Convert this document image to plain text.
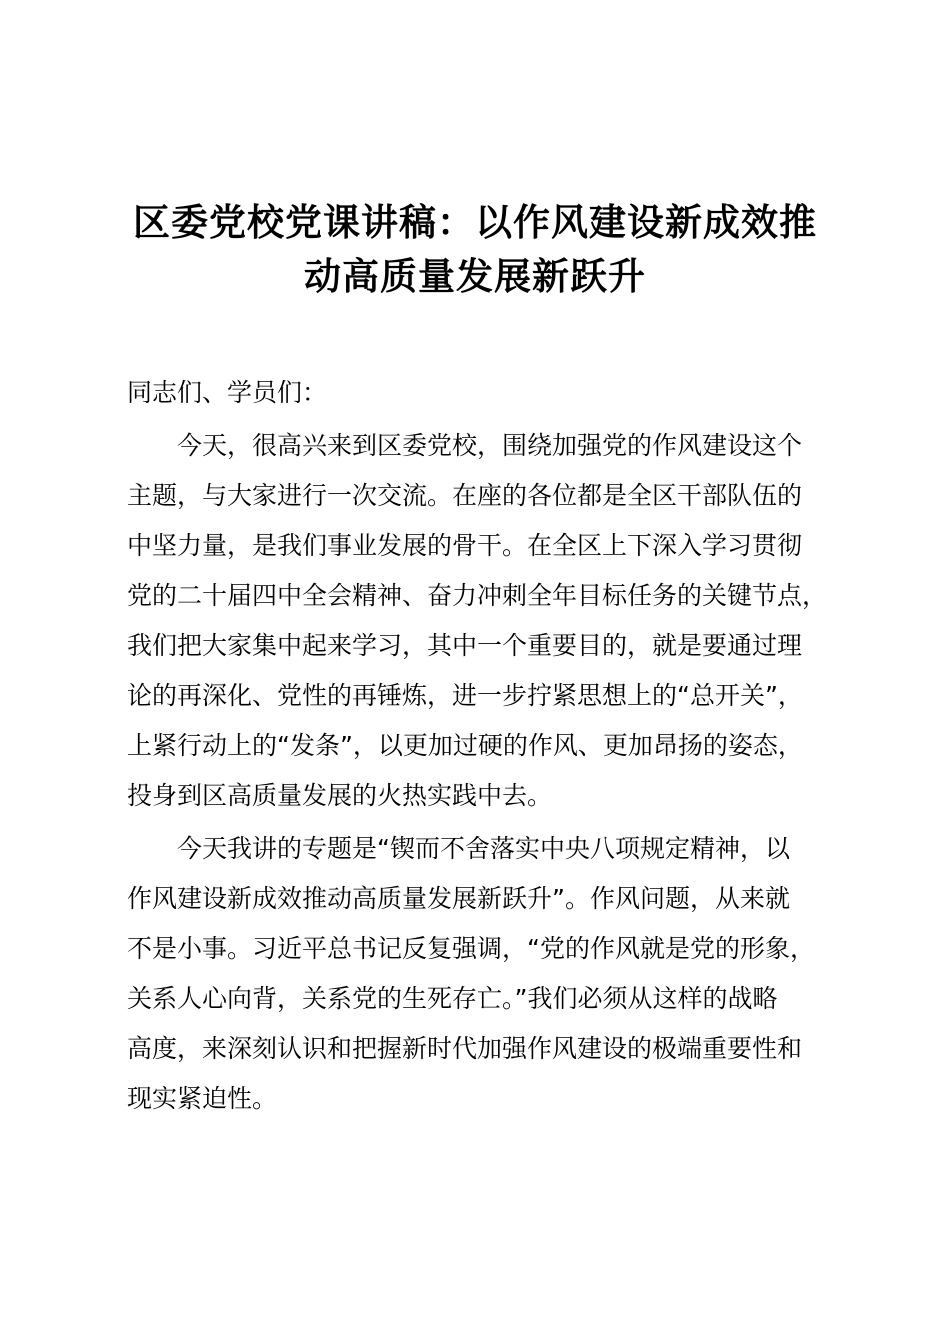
区委党校党课讲稿：以作风建设新成效推

动高质量发展新跃升

同志们、学员们：

今天，很高兴来到区委党校，围绕加强党的作风建设这个
主题，与大家进行一次交流。在座的各位都是全区干部队伍的
中坚力量，是我们事业发展的骨干。在全区上下深入学习贯彻
党的二十届四中全会精神、奋力冲刺全年目标任务的关键节点，
我们把大家集中起来学习，其中一个重要目的，就是要通过理
论的再深化、党性的再锤炼，进一步拧紧思想上的“总开关”，
上紧行动上的“发条”，以更加过硬的作风、更加昂扬的姿态，
投身到区高质量发展的火热实践中去。

今天我讲的专题是“锲而不舍落实中央八项规定精神，以
作风建设新成效推动高质量发展新跃升”。作风问题，从来就
不是小事。习近平总书记反复强调，“党的作风就是党的形象，
关系人心向背，关系党的生死存亡。”我们必须从这样的战略
高度，来深刻认识和把握新时代加强作风建设的极端重要性和
现实紧迫性。
